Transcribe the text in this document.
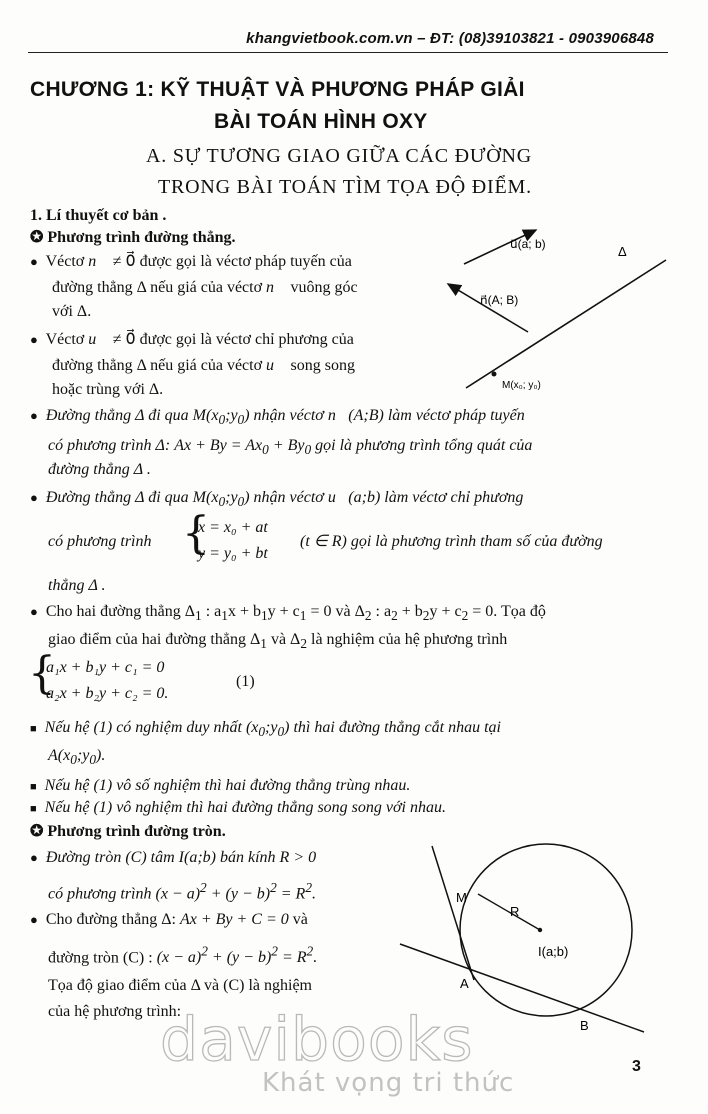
khangvietbook.com.vn – ĐT: (08)39103821 - 0903906848
CHƯƠNG 1: KỸ THUẬT VÀ PHƯƠNG PHÁP GIẢI
BÀI TOÁN HÌNH OXY
A. SỰ TƯƠNG GIAO GIỮA CÁC ĐƯỜNG
TRONG BÀI TOÁN TÌM TỌA ĐỘ ĐIỂM.
1. Lí thuyết cơ bản .
✪ Phương trình đường thẳng.	u⃗(a; b)
n⃗(A; B)
Δ
M(x₀; y₀)
●  Véctơ n⃗ ≠ 0⃗ được gọi là véctơ pháp tuyến của
đường thẳng Δ nếu giá của véctơ n⃗ vuông góc
với Δ.
●  Véctơ u⃗ ≠ 0⃗ được gọi là véctơ chỉ phương của
đường thẳng Δ nếu giá của véctơ u⃗ song song
hoặc trùng với Δ.
●  Đường thẳng Δ đi qua $M(x_0;y_0)$ nhận véctơ n⃗(A;B) làm véctơ pháp tuyến
có phương trình Δ: $Ax + By = Ax_0 + By_0$ gọi là phương trình tổng quát của
đường thẳng Δ .
●  Đường thẳng Δ đi qua $M(x_0;y_0)$ nhận véctơ u⃗(a;b) làm véctơ chỉ phương
có phương trình {
x = x₀ + at
y = y₀ + bt
(t ∈ R) gọi là phương trình tham số của đường
thẳng Δ .
●  Cho hai đường thẳng $\Delta_1$ : $a_1x + b_1y + c_1 = 0$ và $\Delta_2$ : $a_2 + b_2y + c_2 = 0$. Tọa độ
giao điểm của hai đường thẳng $\Delta_1$ và $\Delta_2$ là nghiệm của hệ phương trình
{
a₁x + b₁y + c₁ = 0
a₂x + b₂y + c₂ = 0.
(1)
■  Nếu hệ (1) có nghiệm duy nhất $(x_0;y_0)$ thì hai đường thẳng cắt nhau tại
$A(x_0;y_0)$.
■  Nếu hệ (1) vô số nghiệm thì hai đường thẳng trùng nhau.
■  Nếu hệ (1) vô nghiệm thì hai đường thẳng song song với nhau.
✪ Phương trình đường tròn.
●  Đường tròn (C) tâm I(a;b) bán kính R > 0
có phương trình $(x - a)^2 + (y - b)^2 = R^2$.
●  Cho đường thẳng Δ: Ax + By + C = 0 và
đường tròn (C) : $(x - a)^2 + (y - b)^2 = R^2$.
Tọa độ giao điểm của Δ và (C) là nghiệm
của hệ phương trình:
M
R
I(a;b)
A
B
3
davibooks
Khát vọng tri thức
